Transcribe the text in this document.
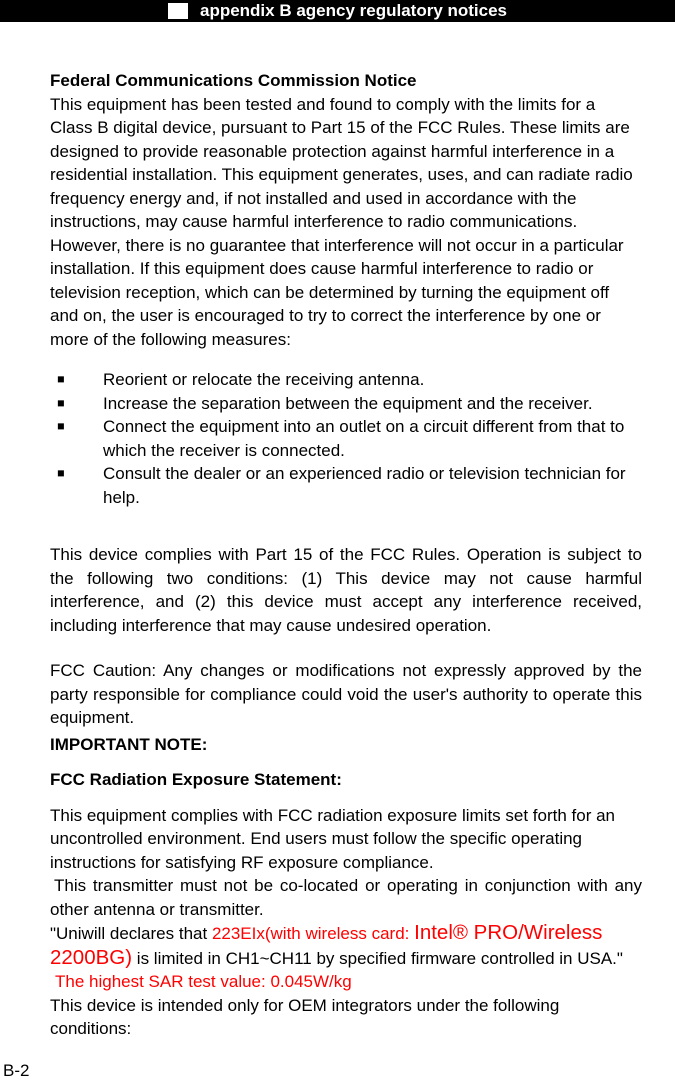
appendix B agency regulatory notices
Federal Communications Commission Notice

This equipment has been tested and found to comply with the limits for a Class B digital device, pursuant to Part 15 of the FCC Rules. These limits are designed to provide reasonable protection against harmful interference in a residential installation. This equipment generates, uses, and can radiate radio frequency energy and, if not installed and used in accordance with the instructions, may cause harmful interference to radio communications. However, there is no guarantee that interference will not occur in a particular installation. If this equipment does cause harmful interference to radio or television reception, which can be determined by turning the equipment off and on, the user is encouraged to try to correct the interference by one or more of the following measures:

■ Reorient or relocate the receiving antenna.
■ Increase the separation between the equipment and the receiver.
■ Connect the equipment into an outlet on a circuit different from that to which the receiver is connected.
■ Consult the dealer or an experienced radio or television technician for help.

This device complies with Part 15 of the FCC Rules. Operation is subject to the following two conditions: (1) This device may not cause harmful interference, and (2) this device must accept any interference received, including interference that may cause undesired operation.

FCC Caution: Any changes or modifications not expressly approved by the party responsible for compliance could void the user's authority to operate this equipment.

IMPORTANT NOTE:
FCC Radiation Exposure Statement:

This equipment complies with FCC radiation exposure limits set forth for an uncontrolled environment. End users must follow the specific operating instructions for satisfying RF exposure compliance.

This transmitter must not be co-located or operating in conjunction with any other antenna or transmitter.

"Uniwill declares that 223EIx(with wireless card: Intel® PRO/Wireless 2200BG) is limited in CH1~CH11 by specified firmware controlled in USA."

The highest SAR test value: 0.045W/kg

This device is intended only for OEM integrators under the following conditions:

B-2
